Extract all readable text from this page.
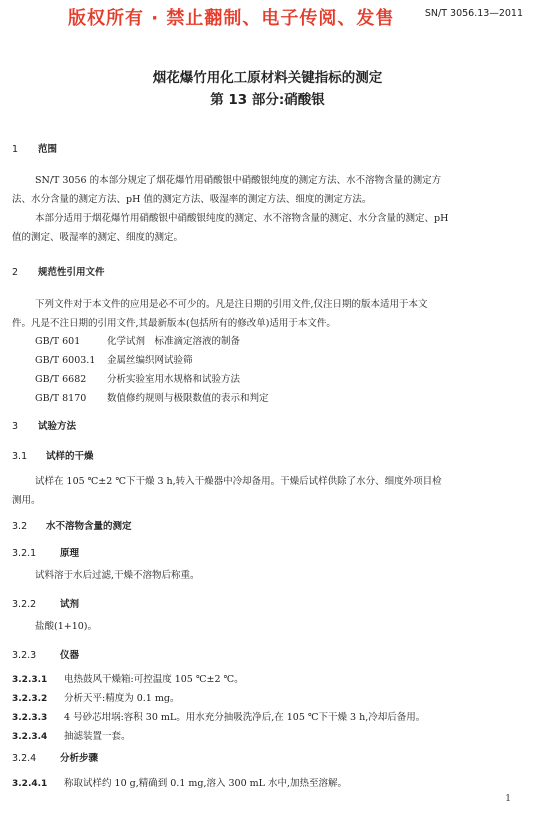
版权所有 · 禁止翻制、电子传阅、发售	SN/T 3056.13—2011
烟花爆竹用化工原材料关键指标的测定
第 13 部分:硝酸银
1 范围
SN/T 3056 的本部分规定了烟花爆竹用硝酸银中硝酸银纯度的测定方法、水不溶物含量的测定方
法、水分含量的测定方法、pH 值的测定方法、吸湿率的测定方法、细度的测定方法。
本部分适用于烟花爆竹用硝酸银中硝酸银纯度的测定、水不溶物含量的测定、水分含量的测定、pH
值的测定、吸湿率的测定、细度的测定。
2 规范性引用文件
下列文件对于本文件的应用是必不可少的。凡是注日期的引用文件,仅注日期的版本适用于本文
件。凡是不注日期的引用文件,其最新版本(包括所有的修改单)适用于本文件。
GB/T 601	化学试剂　标准滴定溶液的制备
GB/T 6003.1 金属丝编织网试验筛
GB/T 6682 分析实验室用水规格和试验方法
GB/T 8170 数值修约规则与极限数值的表示和判定
3 试验方法
3.1 试样的干燥
试样在 105 ℃±2 ℃下干燥 3 h,转入干燥器中冷却备用。干燥后试样供除了水分、细度外项目检
测用。
3.2 水不溶物含量的测定
3.2.1	原理
试料溶于水后过滤,干燥不溶物后称重。
3.2.2	试剂
盐酸(1+10)。
3.2.3	仪器
3.2.3.1 电热鼓风干燥箱:可控温度 105 ℃±2 ℃。
3.2.3.2 分析天平:精度为 0.1 mg。
3.2.3.3 4 号砂芯坩埚:容积 30 mL。用水充分抽吸洗净后,在 105 ℃下干燥 3 h,冷却后备用。
3.2.3.4 抽滤装置一套。
3.2.4	分析步骤
3.2.4.1 称取试样约 10 g,精确到 0.1 mg,溶入 300 mL 水中,加热至溶解。
1
